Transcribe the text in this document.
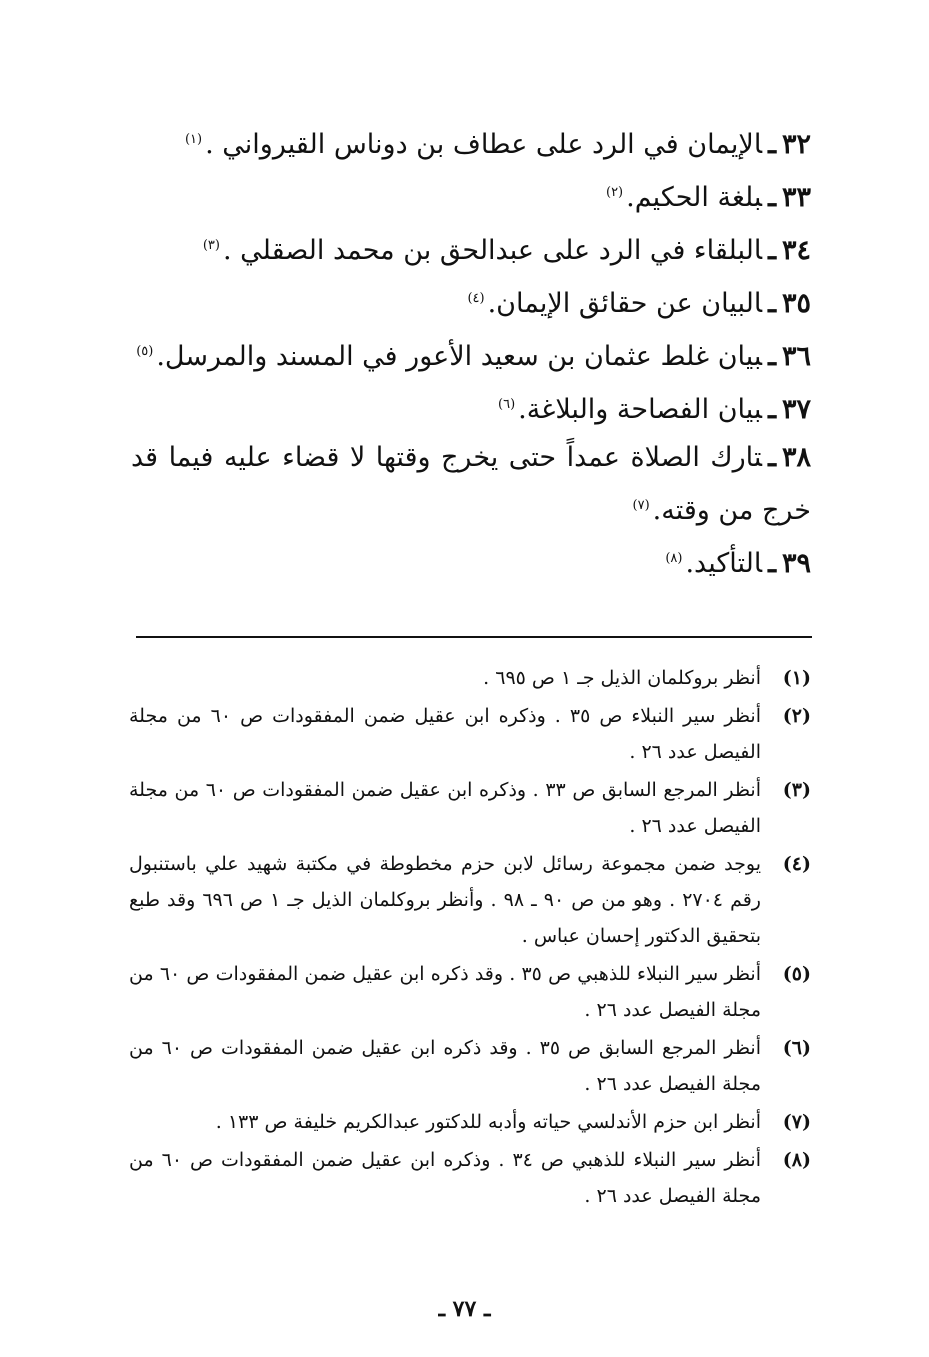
٣٢ـالإيمان في الرد على عطاف بن دوناس القيرواني .$^{(١)}$

٣٣ـبلغة الحكيم.$^{(٢)}$

٣٤ـالبلقاء في الرد على عبدالحق بن محمد الصقلي .$^{(٣)}$

٣٥ـالبيان عن حقائق الإيمان.$^{(٤)}$

٣٦ـبيان غلط عثمان بن سعيد الأعور في المسند والمرسل.$^{(٥)}$

٣٧ـبيان الفصاحة والبلاغة.$^{(٦)}$

٣٨ـتارك الصلاة عمداً حتى يخرج وقتها لا قضاء عليه فيما قد خرج من وقته.$^{(٧)}$

٣٩ـالتأكيد.$^{(٨)}$

(١)
أنظر بروكلمان الذيل جـ ١ ص ٦٩٥ .
(٢)
أنظر سير النبلاء ص ٣٥ . وذكره ابن عقيل ضمن المفقودات ص ٦٠ من مجلة الفيصل عدد ٢٦ .
(٣)
أنظر المرجع السابق ص ٣٣ . وذكره ابن عقيل ضمن المفقودات ص ٦٠ من مجلة الفيصل عدد ٢٦ .
(٤)
يوجد ضمن مجموعة رسائل لابن حزم مخطوطة في مكتبة شهيد علي باستنبول رقم ٢٧٠٤ . وهو من ص ٩٠ ـ ٩٨ . وأنظر بروكلمان الذيل جـ ١ ص ٦٩٦ وقد طبع بتحقيق الدكتور إحسان عباس .
(٥)
أنظر سير النبلاء للذهبي ص ٣٥ . وقد ذكره ابن عقيل ضمن المفقودات ص ٦٠ من مجلة الفيصل عدد ٢٦ .
(٦)
أنظر المرجع السابق ص ٣٥ . وقد ذكره ابن عقيل ضمن المفقودات ص ٦٠ من مجلة الفيصل عدد ٢٦ .
(٧)
أنظر ابن حزم الأندلسي حياته وأدبه للدكتور عبدالكريم خليفة ص ١٣٣ .
(٨)
أنظر سير النبلاء للذهبي ص ٣٤ . وذكره ابن عقيل ضمن المفقودات ص ٦٠ من مجلة الفيصل عدد ٢٦ .
ـ ٧٧ ـ
